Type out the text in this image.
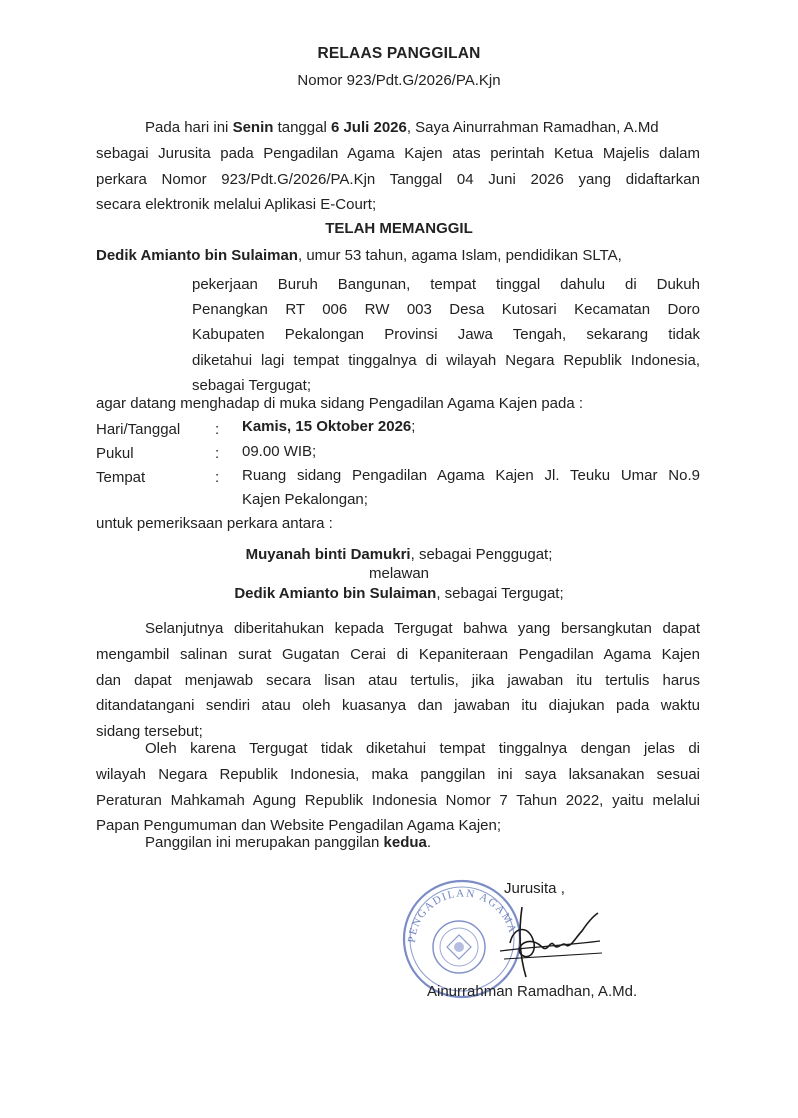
RELAAS PANGGILAN
Nomor 923/Pdt.G/2026/PA.Kjn
Pada hari ini Senin tanggal 6 Juli 2026, Saya Ainurrahman Ramadhan, A.Md
sebagai Jurusita pada Pengadilan Agama Kajen atas perintah Ketua Majelis dalam
perkara Nomor 923/Pdt.G/2026/PA.Kjn Tanggal 04 Juni 2026 yang didaftarkan
secara elektronik melalui Aplikasi E-Court;
TELAH MEMANGGIL
Dedik Amianto bin Sulaiman, umur 53 tahun, agama Islam, pendidikan SLTA,
pekerjaan Buruh Bangunan, tempat tinggal dahulu di Dukuh
Penangkan RT 006 RW 003 Desa Kutosari Kecamatan Doro
Kabupaten Pekalongan Provinsi Jawa Tengah, sekarang tidak
diketahui lagi tempat tinggalnya di wilayah Negara Republik Indonesia,
sebagai Tergugat;
agar datang menghadap di muka sidang Pengadilan Agama Kajen pada :
Hari/Tanggal : Kamis, 15 Oktober 2026;
Pukul	: 09.00 WIB;
Tempat	: Ruang sidang Pengadilan Agama Kajen Jl. Teuku Umar No.9
Kajen Pekalongan;
untuk pemeriksaan perkara antara :
Muyanah binti Damukri, sebagai Penggugat;
melawan
Dedik Amianto bin Sulaiman, sebagai Tergugat;
Selanjutnya diberitahukan kepada Tergugat bahwa yang bersangkutan dapat
mengambil salinan surat Gugatan Cerai di Kepaniteraan Pengadilan Agama Kajen
dan dapat menjawab secara lisan atau tertulis, jika jawaban itu tertulis harus
ditandatangani sendiri atau oleh kuasanya dan jawaban itu diajukan pada waktu
sidang tersebut;
Oleh karena Tergugat tidak diketahui tempat tinggalnya dengan jelas di
wilayah Negara Republik Indonesia, maka panggilan ini saya laksanakan sesuai
Peraturan Mahkamah Agung Republik Indonesia Nomor 7 Tahun 2022, yaitu melalui
Papan Pengumuman dan Website Pengadilan Agama Kajen;
Panggilan ini merupakan panggilan kedua.
PENGADILAN AGAMA
Jurusita ,
Ainurrahman Ramadhan, A.Md.
